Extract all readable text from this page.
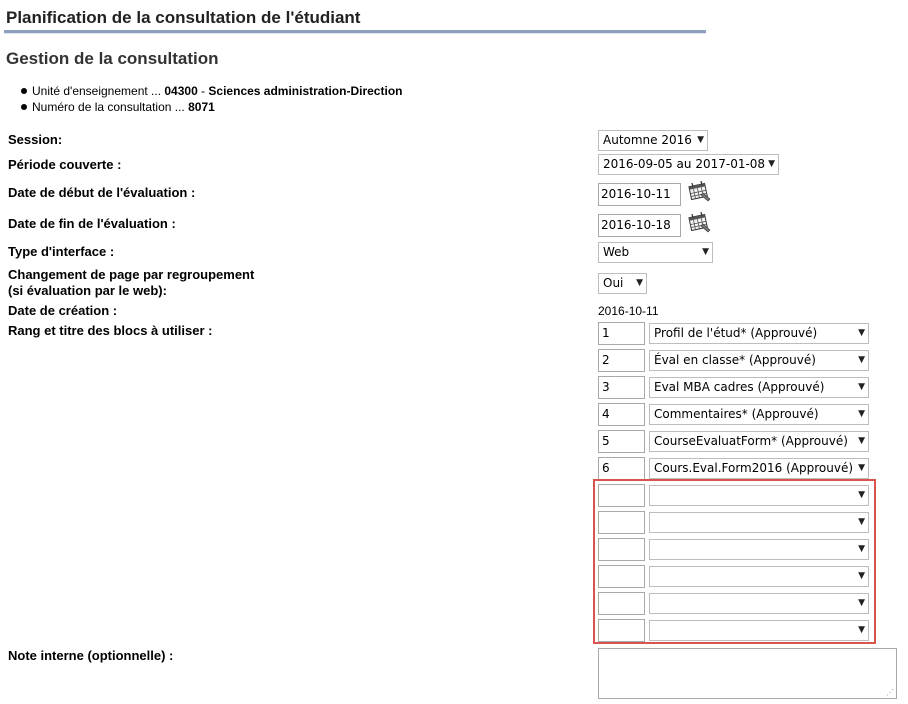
Planification de la consultation de l'étudiant
Gestion de la consultation
Unité d'enseignement ... 04300 - Sciences administration-Direction
Numéro de la consultation ... 8071
Session:	Automne 2016 ▼
Période couverte :	2016-09-05 au 2017-01-08 ▼
Date de début de l'évaluation :	2016-10-11
Date de fin de l'évaluation :	2016-10-18
Type d'interface :	Web	▼
Changement de page par regroupement
(si évaluation par le web):	Oui ▼
Date de création :	2016-10-11
Rang et titre des blocs à utiliser :	1	Profil de l'étud* (Approuvé)	▼
2	Éval en classe* (Approuvé)	▼
3	Eval MBA cadres (Approuvé)	▼
4	Commentaires* (Approuvé)	▼
5	CourseEvaluatForm* (Approuvé) ▼
6	Cours.Eval.Form2016 (Approuvé) ▼
▼
▼
▼
▼
▼
▼
Note interne (optionnelle) :
⋰
